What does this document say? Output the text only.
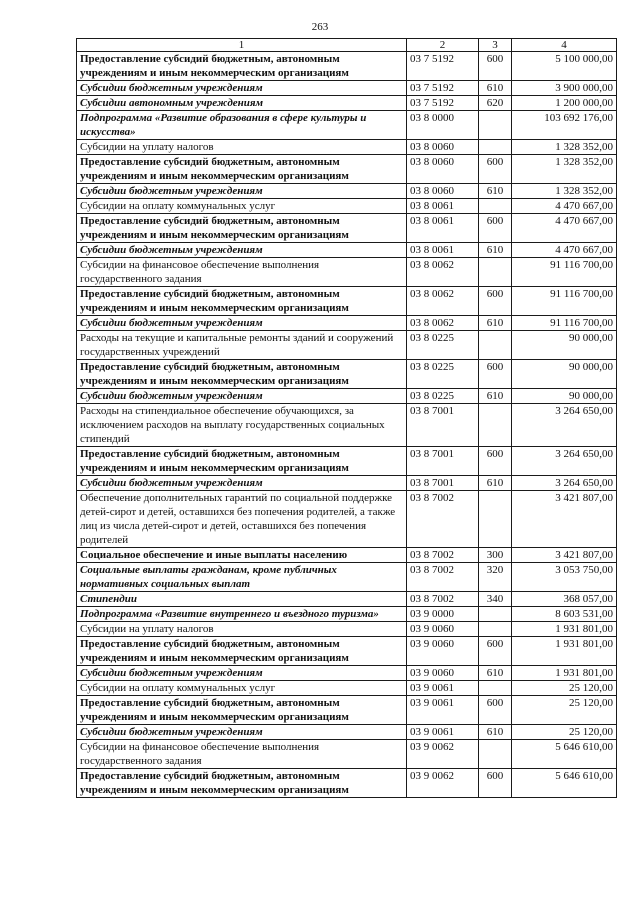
263
1	2	3	4
Предоставление субсидий бюджетным, автономным учреждениям и иным некоммерческим организациям	03 7 5192	600	5 100 000,00
Субсидии бюджетным учреждениям	03 7 5192	610	3 900 000,00
Субсидии автономным учреждениям	03 7 5192	620	1 200 000,00
Подпрограмма «Развитие образования в сфере культуры и искусства»	03 8 0000		103 692 176,00
Субсидии на уплату налогов	03 8 0060		1 328 352,00
Предоставление субсидий бюджетным, автономным учреждениям и иным некоммерческим организациям	03 8 0060	600	1 328 352,00
Субсидии бюджетным учреждениям	03 8 0060	610	1 328 352,00
Субсидии на оплату коммунальных услуг	03 8 0061		4 470 667,00
Предоставление субсидий бюджетным, автономным учреждениям и иным некоммерческим организациям	03 8 0061	600	4 470 667,00
Субсидии бюджетным учреждениям	03 8 0061	610	4 470 667,00
Субсидии на финансовое обеспечение выполнения государственного задания	03 8 0062		91 116 700,00
Предоставление субсидий бюджетным, автономным учреждениям и иным некоммерческим организациям	03 8 0062	600	91 116 700,00
Субсидии бюджетным учреждениям	03 8 0062	610	91 116 700,00
Расходы на текущие и капитальные ремонты зданий и сооружений государственных учреждений	03 8 0225		90 000,00
Предоставление субсидий бюджетным, автономным учреждениям и иным некоммерческим организациям	03 8 0225	600	90 000,00
Субсидии бюджетным учреждениям	03 8 0225	610	90 000,00
Расходы на стипендиальное обеспечение обучающихся, за исключением расходов на выплату государственных социальных стипендий	03 8 7001		3 264 650,00
Предоставление субсидий бюджетным, автономным учреждениям и иным некоммерческим организациям	03 8 7001	600	3 264 650,00
Субсидии бюджетным учреждениям	03 8 7001	610	3 264 650,00
Обеспечение дополнительных гарантий по социальной поддержке детей-сирот и детей, оставшихся без попечения родителей, а также лиц из числа детей-сирот и детей, оставшихся без попечения родителей	03 8 7002		3 421 807,00
Социальное обеспечение и иные выплаты населению	03 8 7002	300	3 421 807,00
Социальные выплаты гражданам, кроме публичных нормативных социальных выплат	03 8 7002	320	3 053 750,00
Стипендии	03 8 7002	340	368 057,00
Подпрограмма «Развитие внутреннего и въездного туризма»	03 9 0000		8 603 531,00
Субсидии на уплату налогов	03 9 0060		1 931 801,00
Предоставление субсидий бюджетным, автономным учреждениям и иным некоммерческим организациям	03 9 0060	600	1 931 801,00
Субсидии бюджетным учреждениям	03 9 0060	610	1 931 801,00
Субсидии на оплату коммунальных услуг	03 9 0061		25 120,00
Предоставление субсидий бюджетным, автономным учреждениям и иным некоммерческим организациям	03 9 0061	600	25 120,00
Субсидии бюджетным учреждениям	03 9 0061	610	25 120,00
Субсидии на финансовое обеспечение выполнения государственного задания	03 9 0062		5 646 610,00
Предоставление субсидий бюджетным, автономным учреждениям и иным некоммерческим организациям	03 9 0062	600	5 646 610,00
